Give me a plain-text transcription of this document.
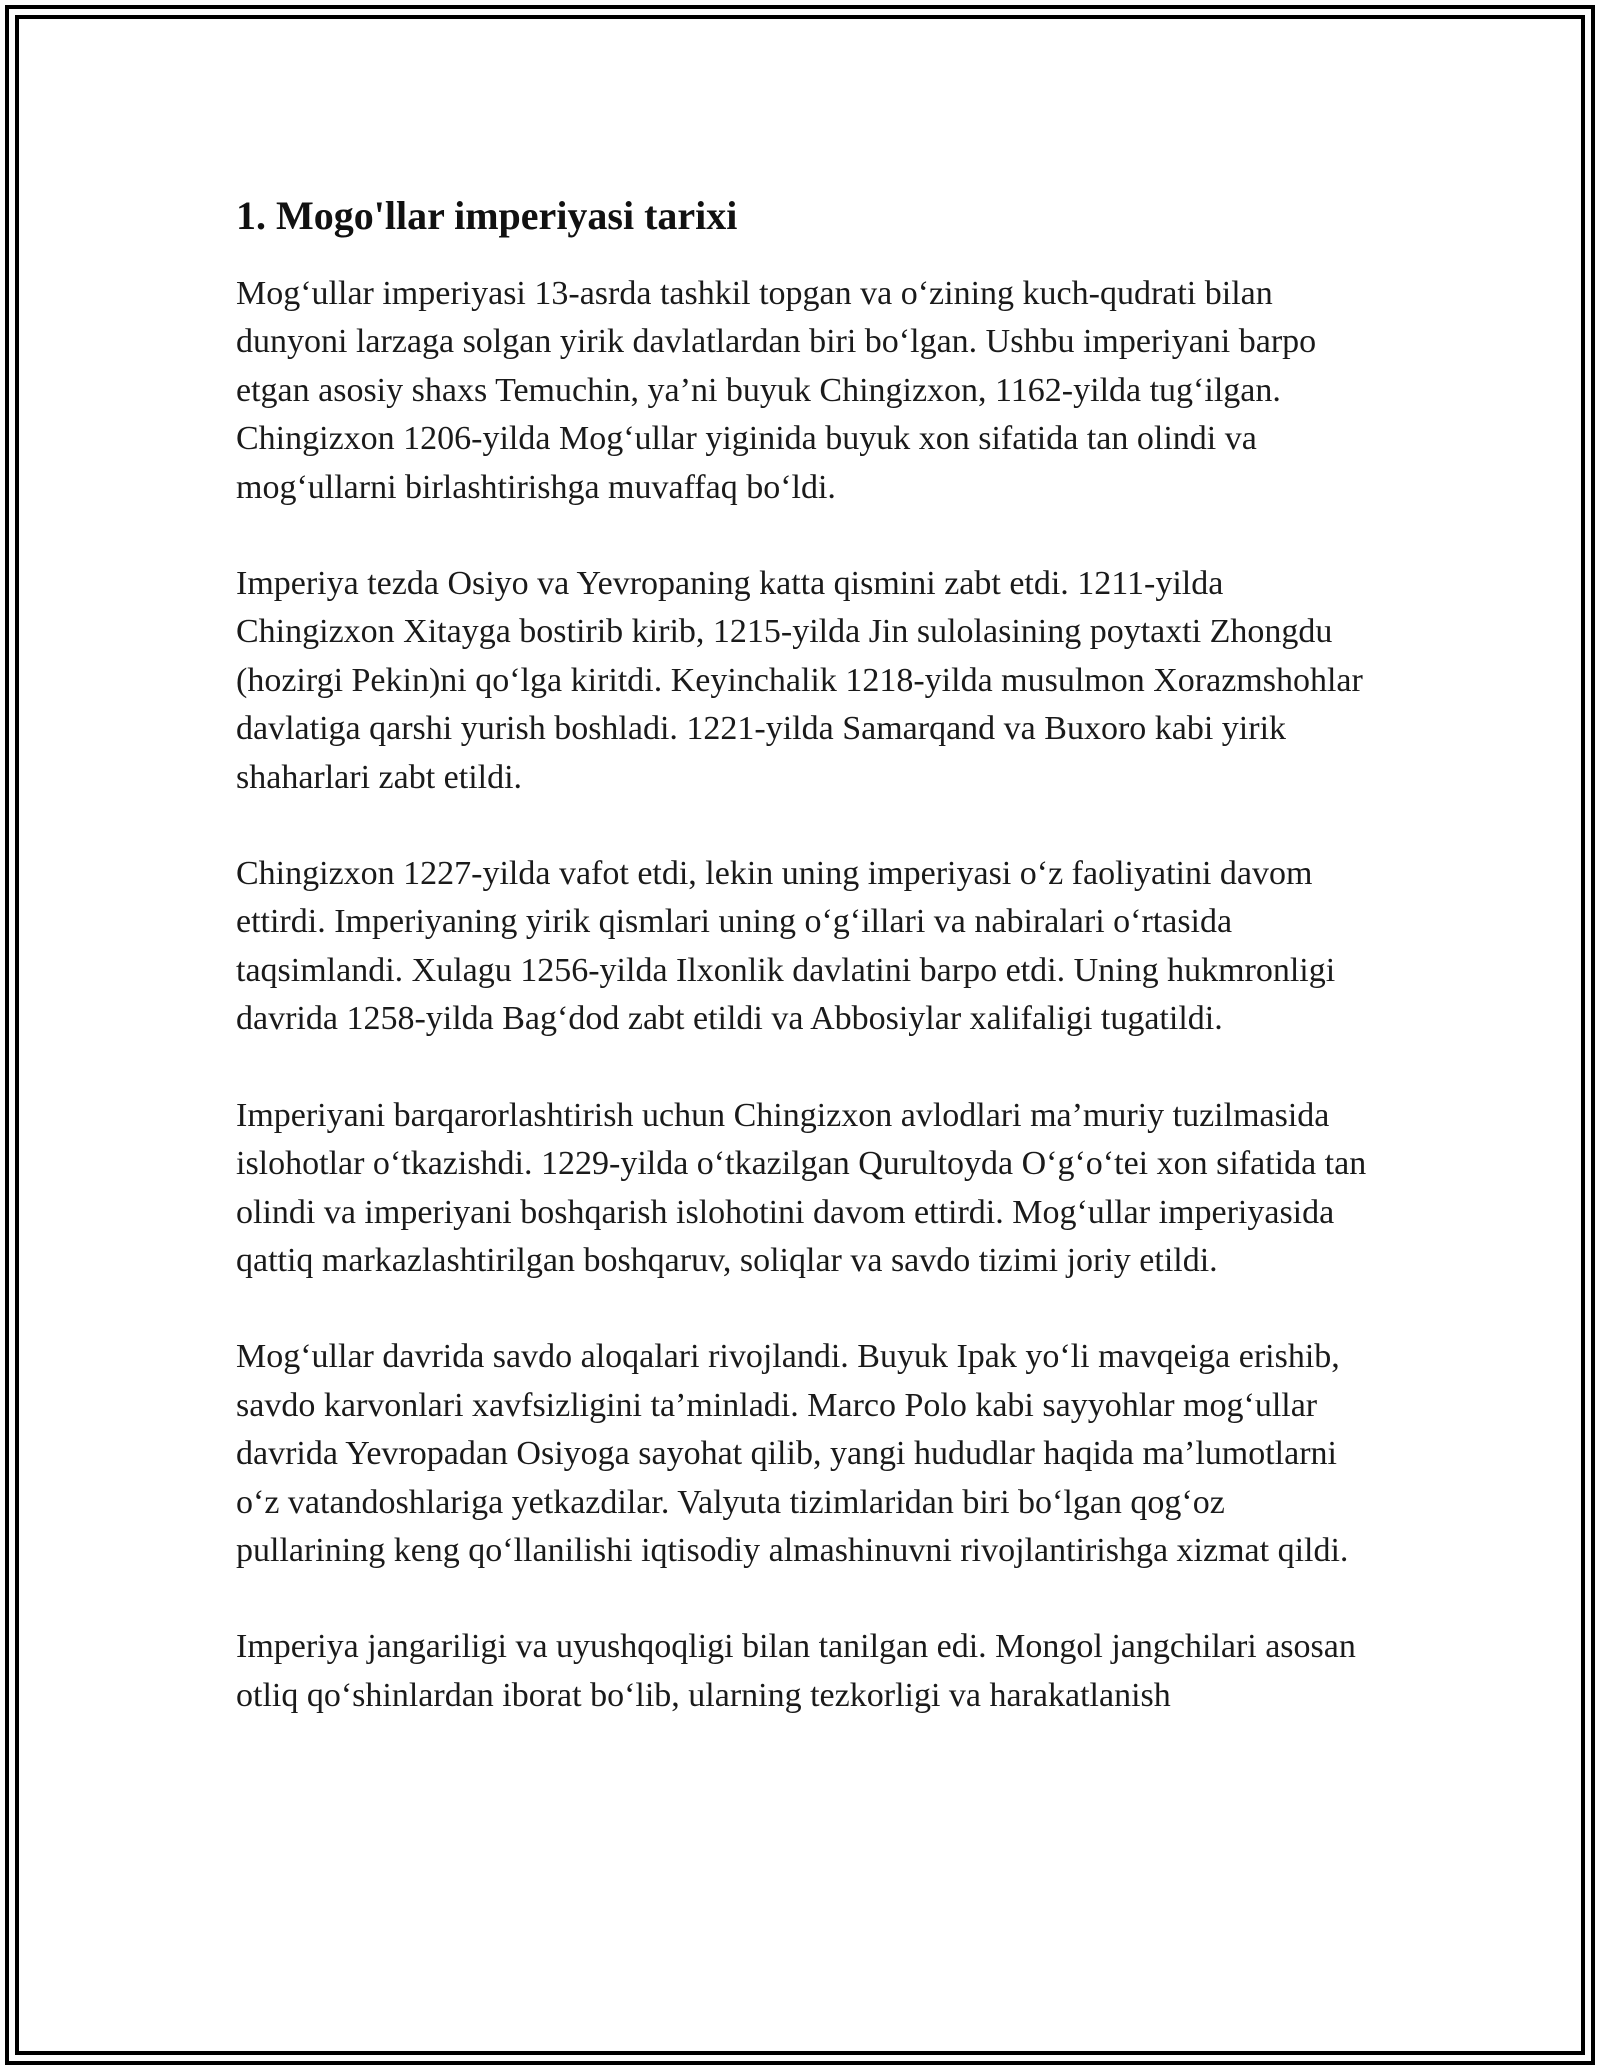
1. Mogo'llar imperiyasi tarixi

Mog‘ullar imperiyasi 13-asrda tashkil topgan va o‘zining kuch-qudrati bilan dunyoni larzaga solgan yirik davlatlardan biri bo‘lgan. Ushbu imperiyani barpo etgan asosiy shaxs Temuchin, ya’ni buyuk Chingizxon, 1162-yilda tug‘ilgan. Chingizxon 1206-yilda Mog‘ullar yiginida buyuk xon sifatida tan olindi va mog‘ullarni birlashtirishga muvaffaq bo‘ldi.

Imperiya tezda Osiyo va Yevropaning katta qismini zabt etdi. 1211-yilda Chingizxon Xitayga bostirib kirib, 1215-yilda Jin sulolasining poytaxti Zhongdu (hozirgi Pekin)ni qo‘lga kiritdi. Keyinchalik 1218-yilda musulmon Xorazmshohlar davlatiga qarshi yurish boshladi. 1221-yilda Samarqand va Buxoro kabi yirik shaharlari zabt etildi.

Chingizxon 1227-yilda vafot etdi, lekin uning imperiyasi o‘z faoliyatini davom ettirdi. Imperiyaning yirik qismlari uning o‘g‘illari va nabiralari o‘rtasida taqsimlandi. Xulagu 1256-yilda Ilxonlik davlatini barpo etdi. Uning hukmronligi davrida 1258-yilda Bag‘dod zabt etildi va Abbosiylar xalifaligi tugatildi.

Imperiyani barqarorlashtirish uchun Chingizxon avlodlari ma’muriy tuzilmasida islohotlar o‘tkazishdi. 1229-yilda o‘tkazilgan Qurultoyda O‘g‘o‘tei xon sifatida tan olindi va imperiyani boshqarish islohotini davom ettirdi. Mog‘ullar imperiyasida qattiq markazlashtirilgan boshqaruv, soliqlar va savdo tizimi joriy etildi.

Mog‘ullar davrida savdo aloqalari rivojlandi. Buyuk Ipak yo‘li mavqeiga erishib, savdo karvonlari xavfsizligini ta’minladi. Marco Polo kabi sayyohlar mog‘ullar davrida Yevropadan Osiyoga sayohat qilib, yangi hududlar haqida ma’lumotlarni o‘z vatandoshlariga yetkazdilar. Valyuta tizimlaridan biri bo‘lgan qog‘oz pullarining keng qo‘llanilishi iqtisodiy almashinuvni rivojlantirishga xizmat qildi.

Imperiya jangariligi va uyushqoqligi bilan tanilgan edi. Mongol jangchilari asosan otliq qo‘shinlardan iborat bo‘lib, ularning tezkorligi va harakatlanish
